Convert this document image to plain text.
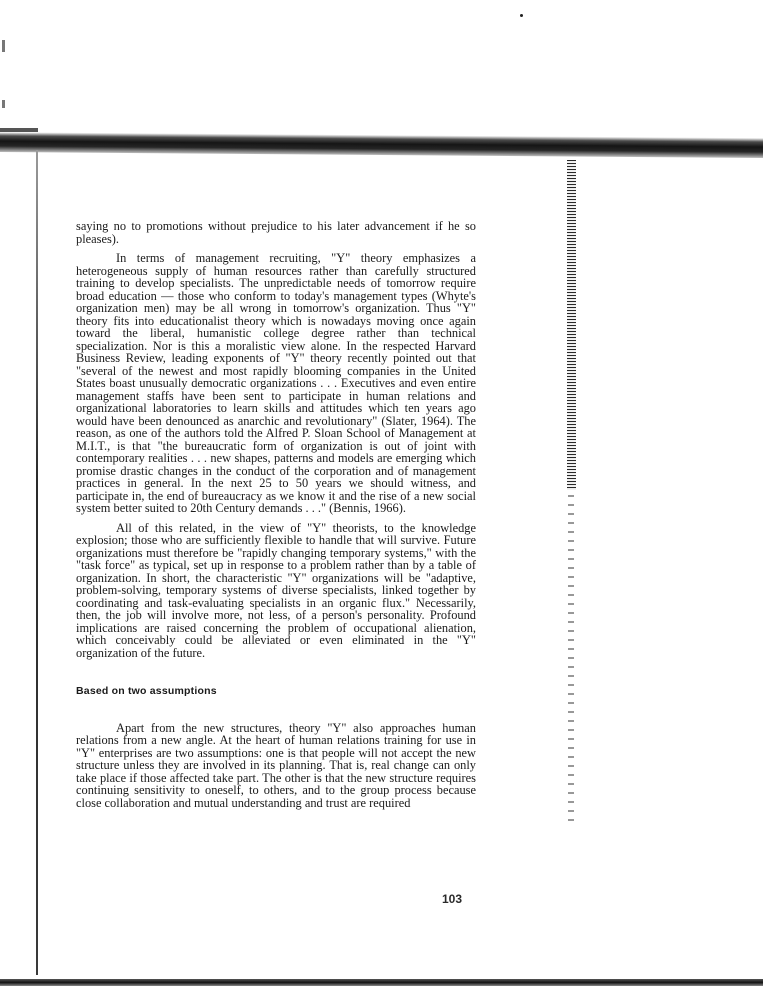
saying no to promotions without prejudice to his later advancement if he so pleases).

In terms of management recruiting, "Y" theory emphasizes a heterogeneous supply of human resources rather than carefully structured training to develop specialists. The unpredictable needs of tomorrow require broad education — those who conform to today's management types (Whyte's organization men) may be all wrong in tomorrow's organization. Thus "Y" theory fits into educationalist theory which is nowadays moving once again toward the liberal, humanistic college degree rather than technical specialization. Nor is this a moralistic view alone. In the respected Harvard Business Review, leading exponents of "Y" theory recently pointed out that "several of the newest and most rapidly blooming companies in the United States boast unusually democratic organizations . . . Executives and even entire management staffs have been sent to participate in human relations and organizational laboratories to learn skills and attitudes which ten years ago would have been denounced as anarchic and revolutionary" (Slater, 1964). The reason, as one of the authors told the Alfred P. Sloan School of Management at M.I.T., is that "the bureaucratic form of organization is out of joint with contemporary realities . . . new shapes, patterns and models are emerging which promise drastic changes in the conduct of the corporation and of management practices in general. In the next 25 to 50 years we should witness, and participate in, the end of bureaucracy as we know it and the rise of a new social system better suited to 20th Century demands . . ." (Bennis, 1966).

All of this related, in the view of "Y" theorists, to the knowledge explosion; those who are sufficiently flexible to handle that will survive. Future organizations must therefore be "rapidly changing temporary systems," with the "task force" as typical, set up in response to a problem rather than by a table of organization. In short, the characteristic "Y" organizations will be "adaptive, problem-solving, temporary systems of diverse specialists, linked together by coordinating and task-evaluating specialists in an organic flux." Necessarily, then, the job will involve more, not less, of a person's personality. Profound implications are raised concerning the problem of occupational alienation, which conceivably could be alleviated or even eliminated in the "Y" organization of the future.

Based on two assumptions

Apart from the new structures, theory "Y" also approaches human relations from a new angle. At the heart of human relations training for use in "Y" enterprises are two assumptions: one is that people will not accept the new structure unless they are involved in its planning. That is, real change can only take place if those affected take part. The other is that the new structure requires continuing sensitivity to oneself, to others, and to the group process because close collaboration and mutual understanding and trust are required

103
